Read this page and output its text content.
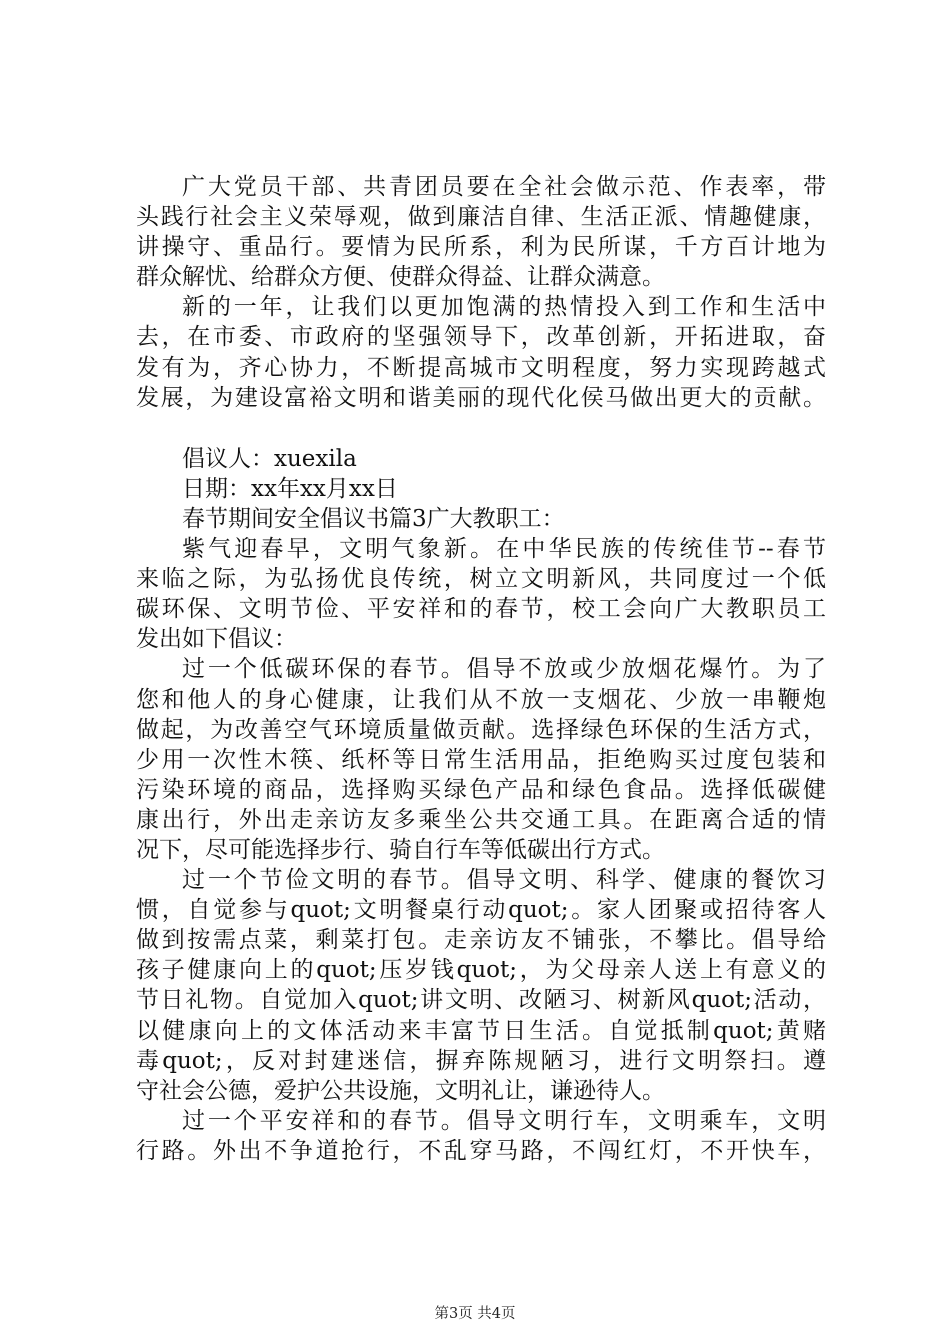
广大党员干部、共青团员要在全社会做示范、作表率，带
头践行社会主义荣辱观，做到廉洁自律、生活正派、情趣健康，
讲操守、重品行。要情为民所系，利为民所谋，千方百计地为
群众解忧、给群众方便、使群众得益、让群众满意。
新的一年，让我们以更加饱满的热情投入到工作和生活中
去，在市委、市政府的坚强领导下，改革创新，开拓进取，奋
发有为，齐心协力，不断提高城市文明程度，努力实现跨越式
发展，为建设富裕文明和谐美丽的现代化侯马做出更大的贡献。
倡议人：xuexila
日期：xx年xx月xx日
春节期间安全倡议书篇3广大教职工：
紫气迎春早，文明气象新。在中华民族的传统佳节--春节
来临之际，为弘扬优良传统，树立文明新风，共同度过一个低
碳环保、文明节俭、平安祥和的春节，校工会向广大教职员工
发出如下倡议：
过一个低碳环保的春节。倡导不放或少放烟花爆竹。为了
您和他人的身心健康，让我们从不放一支烟花、少放一串鞭炮
做起，为改善空气环境质量做贡献。选择绿色环保的生活方式，
少用一次性木筷、纸杯等日常生活用品，拒绝购买过度包装和
污染环境的商品，选择购买绿色产品和绿色食品。选择低碳健
康出行，外出走亲访友多乘坐公共交通工具。在距离合适的情
况下，尽可能选择步行、骑自行车等低碳出行方式。
过一个节俭文明的春节。倡导文明、科学、健康的餐饮习
惯，自觉参与quot;文明餐桌行动quot;。家人团聚或招待客人
做到按需点菜，剩菜打包。走亲访友不铺张，不攀比。倡导给
孩子健康向上的quot;压岁钱quot;，为父母亲人送上有意义的
节日礼物。自觉加入quot;讲文明、改陋习、树新风quot;活动，
以健康向上的文体活动来丰富节日生活。自觉抵制quot;黄赌
毒quot;，反对封建迷信，摒弃陈规陋习，进行文明祭扫。遵
守社会公德，爱护公共设施，文明礼让，谦逊待人。
过一个平安祥和的春节。倡导文明行车，文明乘车，文明
行路。外出不争道抢行，不乱穿马路，不闯红灯，不开快车，
第3页 共4页
